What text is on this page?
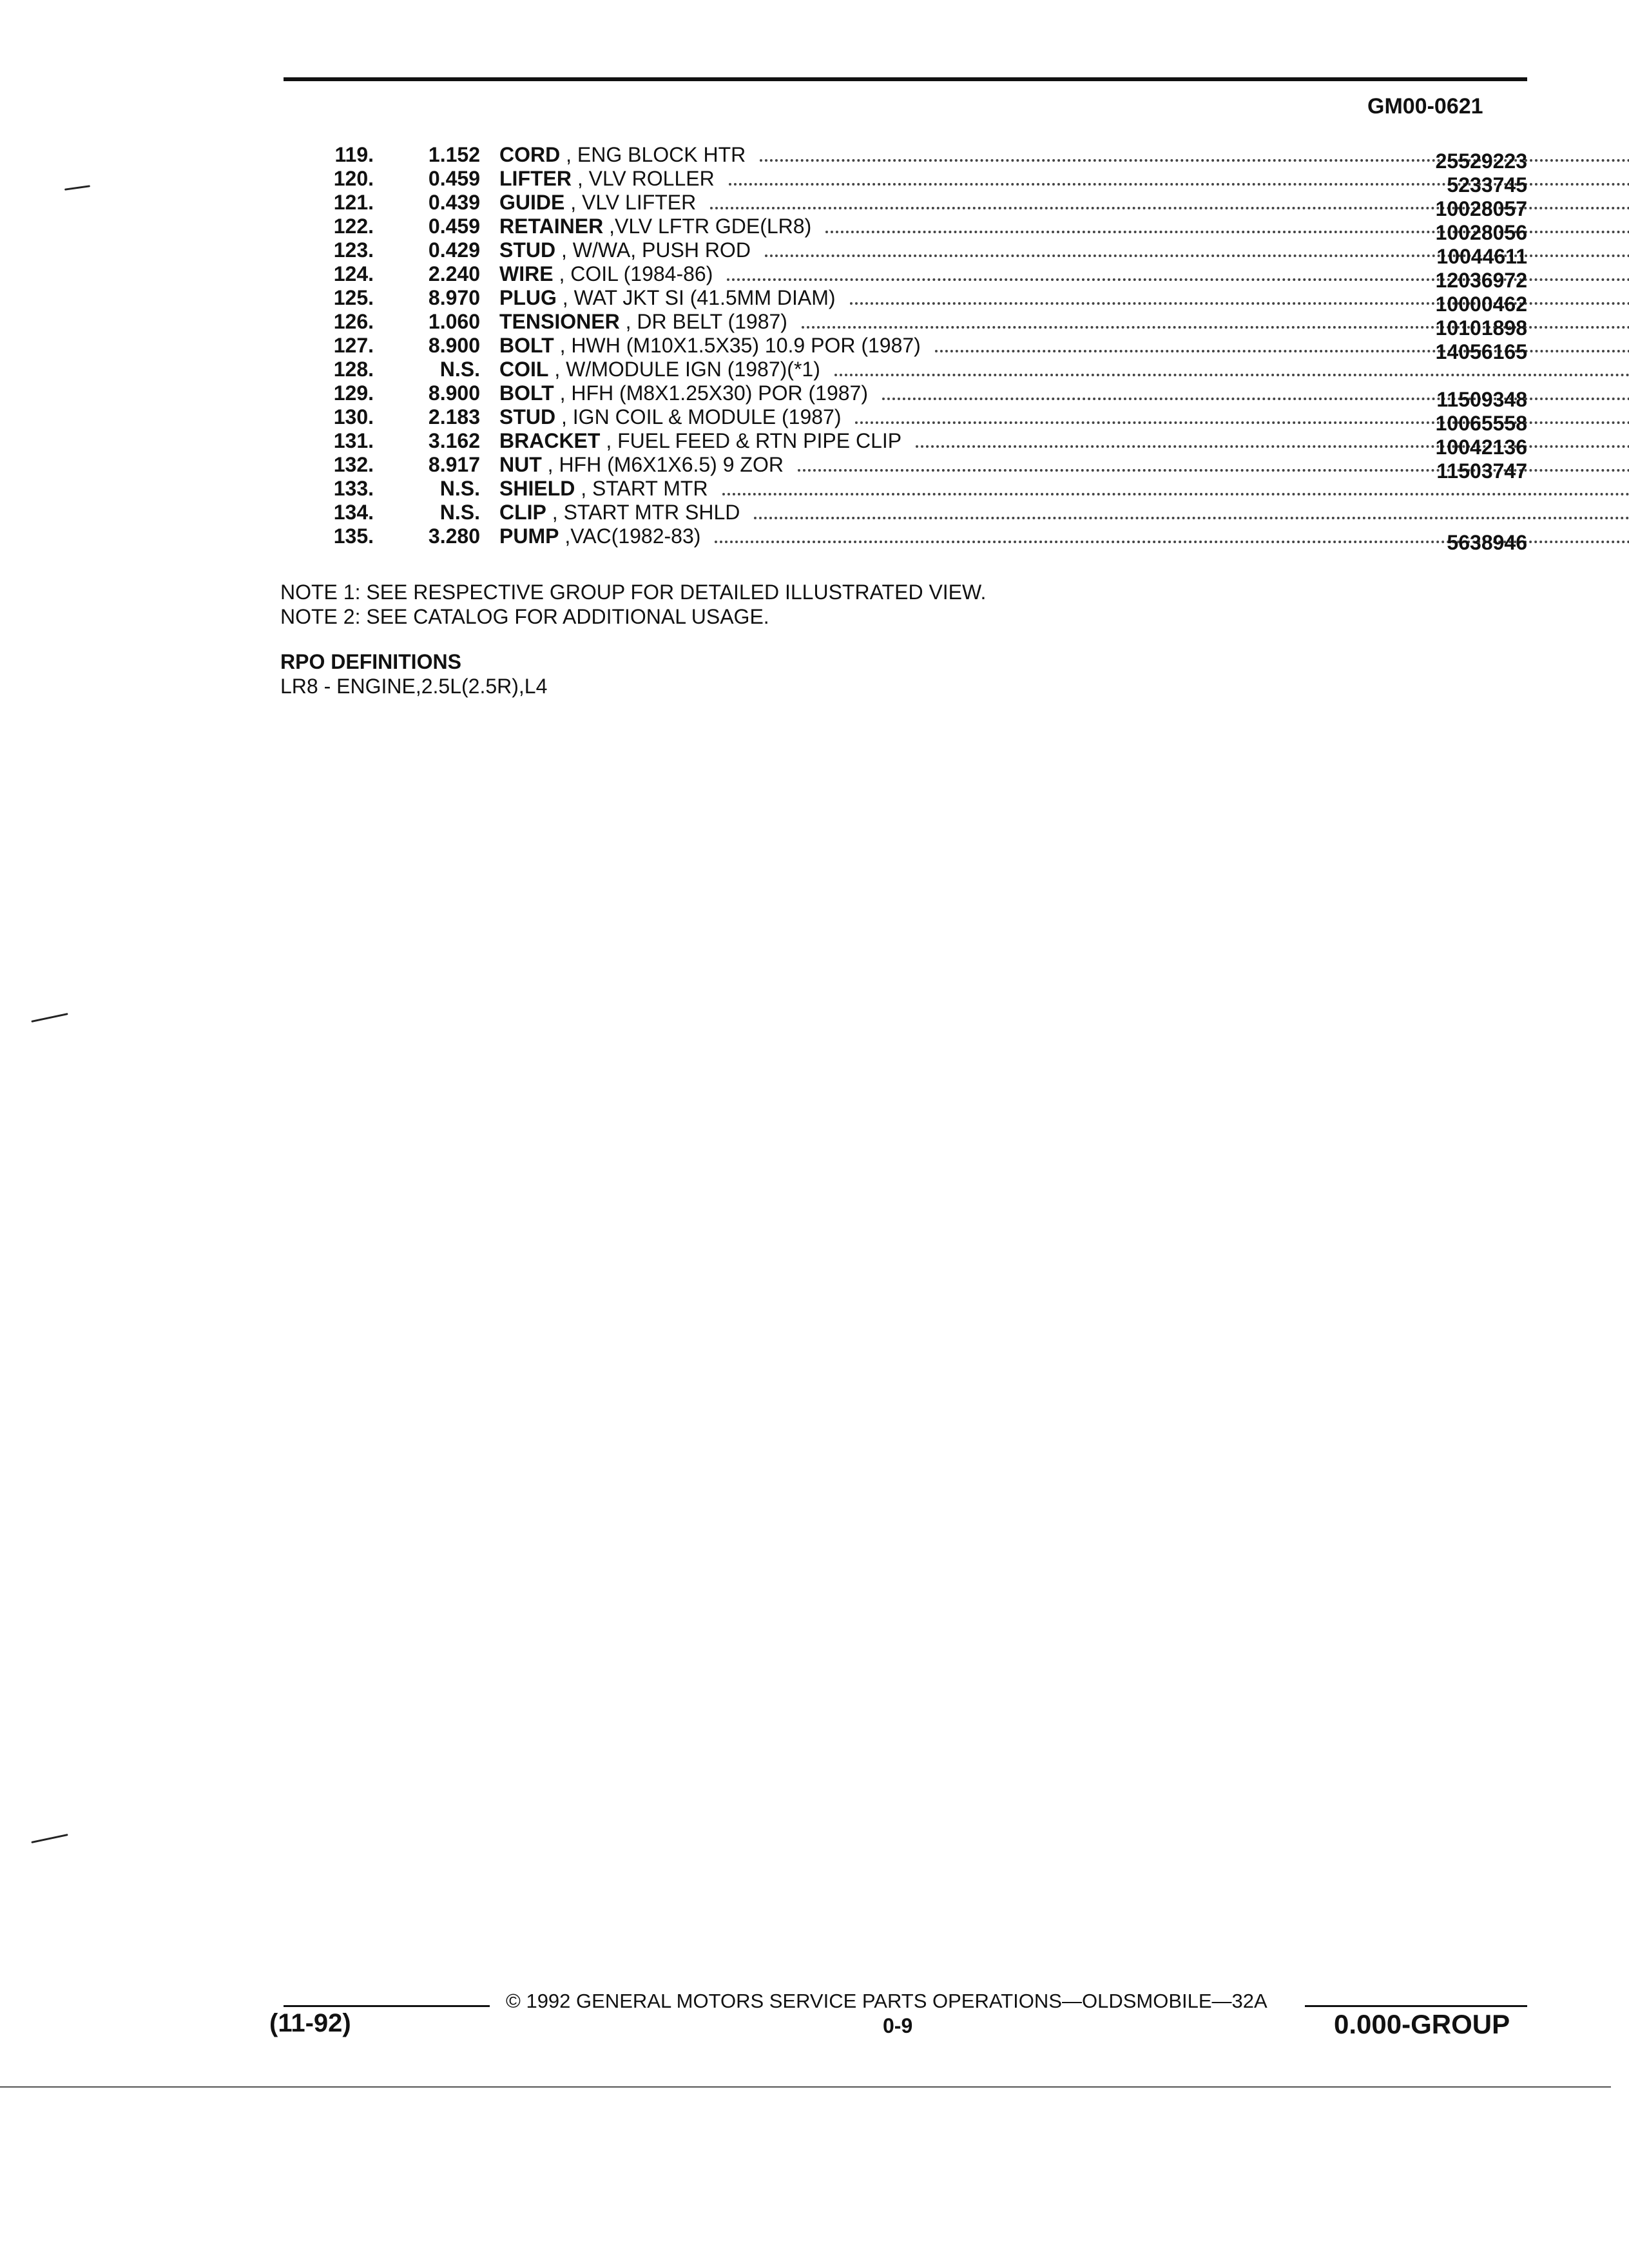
GM00-0621
119.	1.152 CORD , ENG BLOCK HTR	25529223
120.	0.459 LIFTER , VLV ROLLER	5233745
121.	0.439 GUIDE , VLV LIFTER	10028057
122.	0.459 RETAINER ,VLV LFTR GDE(LR8)	10028056
123.	0.429 STUD , W/WA, PUSH ROD	10044611
124.	2.240 WIRE , COIL (1984-86)	12036972
125.	8.970 PLUG , WAT JKT SI (41.5MM DIAM)	10000462
126.	1.060 TENSIONER , DR BELT (1987)	10101898
127.	8.900 BOLT , HWH (M10X1.5X35) 10.9 POR (1987)	14056165
128.	N.S. COIL , W/MODULE IGN (1987)(*1)
129.	8.900 BOLT , HFH (M8X1.25X30) POR (1987)	11509348
130.	2.183 STUD , IGN COIL & MODULE (1987)	10065558
131.	3.162 BRACKET , FUEL FEED & RTN PIPE CLIP	10042136
132.	8.917 NUT , HFH (M6X1X6.5) 9 ZOR	11503747
133.	N.S. SHIELD , START MTR
134.	N.S. CLIP , START MTR SHLD
135.	3.280 PUMP ,VAC(1982-83)	5638946
NOTE 1: SEE RESPECTIVE GROUP FOR DETAILED ILLUSTRATED VIEW.
NOTE 2: SEE CATALOG FOR ADDITIONAL USAGE.
RPO DEFINITIONS
LR8 - ENGINE,2.5L(2.5R),L4
© 1992 GENERAL MOTORS SERVICE PARTS OPERATIONS—OLDSMOBILE—32A
(11-92)	0-9	0.000-GROUP
